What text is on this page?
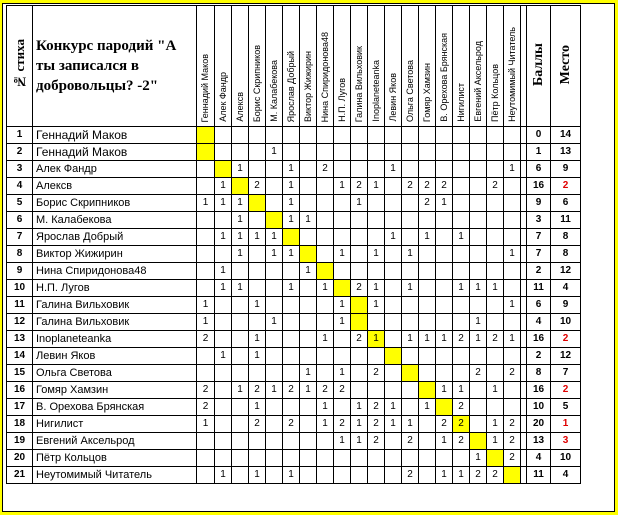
№ стиха	Конкурс пародий "А ты записался в добровольцы? -2"	Геннадий Маков	Алек Фандр	Алексв	Борис Скрипников	М. Калабекова	Ярослав Добрый	Виктор Жижирин	Нина Спиридонова48	Н.П. Лугов	Галина Вильховик	Inoplaneteanka	Левин Яков	Ольга Светова	Гомяр Хамзин	В. Орехова Брянская	Нигилист	Евгений Аксельрод	Пётр Кольцов	Неутомимый Читатель		Баллы	Место
1	Геннадий Маков																					0	14
2	Геннадий Маков					1																1	13
3	Алек Фандр			1			1		2				1							1		6	9
4	Алексв		1		2		1			1	2	1		2	2	2			2			16	2
5	Борис Скрипников	1	1	1			1				1				2	1						9	6
6	М. Калабекова			1			1	1														3	11
7	Ярослав Добрый		1	1	1	1							1		1		1					7	8
8	Виктор Жижирин			1		1	1			1		1		1						1		7	8
9	Нина Спиридонова48		1					1														2	12
10	Н.П. Лугов		1	1			1		1		2	1		1			1	1	1			11	4
11	Галина Вильховик	1			1					1		1								1		6	9
12	Галина Вильховик	1				1				1								1				4	10
13	Inoplaneteanka	2			1				1		2	1		1	1	1	2	1	2	1		16	2
14	Левин Яков		1		1																	2	12
15	Ольга Светова							1		1		2						2		2		8	7
16	Гомяр Хамзин	2		1	2	1	2	1	2	2						1	1		1			16	2
17	В. Орехова Брянская	2			1				1		1	2	1		1		2					10	5
18	Нигилист	1			2		2		1	2	1	2	1	1		2	2		1	2		20	1
19	Евгений Аксельрод									1	1	2		2		1	2		1	2		13	3
20	Пётр Кольцов																	1		2		4	10
21	Неутомимый Читатель		1		1		1							2		1	1	2	2			11	4
